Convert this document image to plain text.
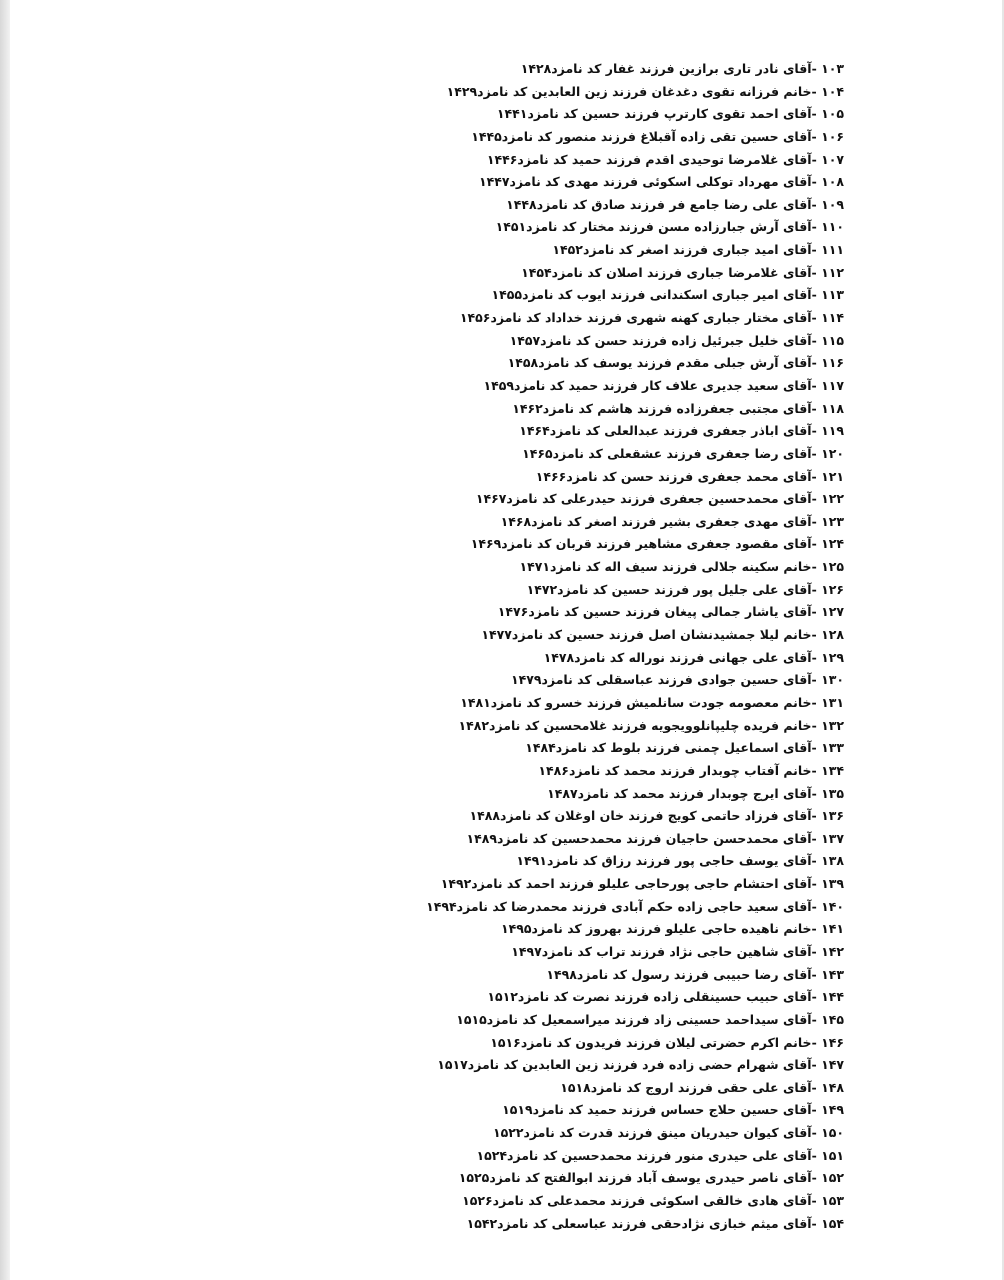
۱۰۳ -آقای نادر تاری برازین فرزند غفار کد نامزد۱۴۲۸
۱۰۴ -خانم فرزانه تقوی دغدغان فرزند زین العابدین کد نامزد۱۴۲۹
۱۰۵ -آقای احمد تقوی کارترپ فرزند حسین کد نامزد۱۴۴۱
۱۰۶ -آقای حسین تقی زاده آقبلاغ فرزند منصور کد نامزد۱۴۴۵
۱۰۷ -آقای غلامرضا توحیدی اقدم فرزند حمید کد نامزد۱۴۴۶
۱۰۸ -آقای مهرداد توکلی اسکوئی فرزند مهدی کد نامزد۱۴۴۷
۱۰۹ -آقای علی رضا جامع فر فرزند صادق کد نامزد۱۴۴۸
۱۱۰ -آقای آرش جبارزاده مسن فرزند مختار کد نامزد۱۴۵۱
۱۱۱ -آقای امید جباری فرزند اصغر کد نامزد۱۴۵۲
۱۱۲ -آقای غلامرضا جباری فرزند اصلان کد نامزد۱۴۵۴
۱۱۳ -آقای امیر جباری اسکندانی فرزند ایوب کد نامزد۱۴۵۵
۱۱۴ -آقای مختار جباری کهنه شهری فرزند خداداد کد نامزد۱۴۵۶
۱۱۵ -آقای خلیل جبرئیل زاده فرزند حسن کد نامزد۱۴۵۷
۱۱۶ -آقای آرش جبلی مقدم فرزند یوسف کد نامزد۱۴۵۸
۱۱۷ -آقای سعید جدیری علاف کار فرزند حمید کد نامزد۱۴۵۹
۱۱۸ -آقای مجتبی جعفرزاده فرزند هاشم کد نامزد۱۴۶۲
۱۱۹ -آقای اباذر جعفری فرزند عبدالعلی کد نامزد۱۴۶۴
۱۲۰ -آقای رضا جعفری فرزند عشقعلی کد نامزد۱۴۶۵
۱۲۱ -آقای محمد جعفری فرزند حسن کد نامزد۱۴۶۶
۱۲۲ -آقای محمدحسین جعفری فرزند حیدرعلی کد نامزد۱۴۶۷
۱۲۳ -آقای مهدی جعفری بشیر فرزند اصغر کد نامزد۱۴۶۸
۱۲۴ -آقای مقصود جعفری مشاهیر فرزند قربان کد نامزد۱۴۶۹
۱۲۵ -خانم سکینه جلالی فرزند سیف اله کد نامزد۱۴۷۱
۱۲۶ -آقای علی جلیل پور فرزند حسین کد نامزد۱۴۷۲
۱۲۷ -آقای یاشار جمالی پیغان فرزند حسین کد نامزد۱۴۷۶
۱۲۸ -خانم لیلا جمشیدنشان اصل فرزند حسین کد نامزد۱۴۷۷
۱۲۹ -آقای علی جهانی فرزند نوراله کد نامزد۱۴۷۸
۱۳۰ -آقای حسین جوادی فرزند عباسقلی کد نامزد۱۴۷۹
۱۳۱ -خانم معصومه جودت سانلمیش فرزند خسرو کد نامزد۱۴۸۱
۱۳۲ -خانم فریده چلیپانلوویجویه فرزند غلامحسین کد نامزد۱۴۸۲
۱۳۳ -آقای اسماعیل چمنی فرزند بلوط کد نامزد۱۴۸۴
۱۳۴ -خانم آفتاب چوبدار فرزند محمد کد نامزد۱۴۸۶
۱۳۵ -آقای ایرج چوبدار فرزند محمد کد نامزد۱۴۸۷
۱۳۶ -آقای فرزاد حاتمی کویج فرزند خان اوغلان کد نامزد۱۴۸۸
۱۳۷ -آقای محمدحسن حاجیان فرزند محمدحسین کد نامزد۱۴۸۹
۱۳۸ -آقای یوسف حاجی پور فرزند رزاق کد نامزد۱۴۹۱
۱۳۹ -آقای احتشام حاجی پورحاجی علیلو فرزند احمد کد نامزد۱۴۹۲
۱۴۰ -آقای سعید حاجی زاده حکم آبادی فرزند محمدرضا کد نامزد۱۴۹۴
۱۴۱ -خانم ناهیده حاجی علیلو فرزند بهروز کد نامزد۱۴۹۵
۱۴۲ -آقای شاهین حاجی نژاد فرزند تراب کد نامزد۱۴۹۷
۱۴۳ -آقای رضا حبیبی فرزند رسول کد نامزد۱۴۹۸
۱۴۴ -آقای حبیب حسینقلی زاده فرزند نصرت کد نامزد۱۵۱۲
۱۴۵ -آقای سیداحمد حسینی زاد فرزند میراسمعیل کد نامزد۱۵۱۵
۱۴۶ -خانم اکرم حضرتی لیلان فرزند فریدون کد نامزد۱۵۱۶
۱۴۷ -آقای شهرام حضی زاده فرد فرزند زین العابدین کد نامزد۱۵۱۷
۱۴۸ -آقای علی حقی فرزند اروج کد نامزد۱۵۱۸
۱۴۹ -آقای حسین حلاج حساس فرزند حمید کد نامزد۱۵۱۹
۱۵۰ -آقای کیوان حیدریان مینق فرزند قدرت کد نامزد۱۵۲۲
۱۵۱ -آقای علی حیدری منور فرزند محمدحسین کد نامزد۱۵۲۴
۱۵۲ -آقای ناصر حیدری یوسف آباد فرزند ابوالفتح کد نامزد۱۵۲۵
۱۵۳ -آقای هادی خالقی اسکوئی فرزند محمدعلی کد نامزد۱۵۲۶
۱۵۴ -آقای میثم خبازی نژادحقی فرزند عباسعلی کد نامزد۱۵۴۲
